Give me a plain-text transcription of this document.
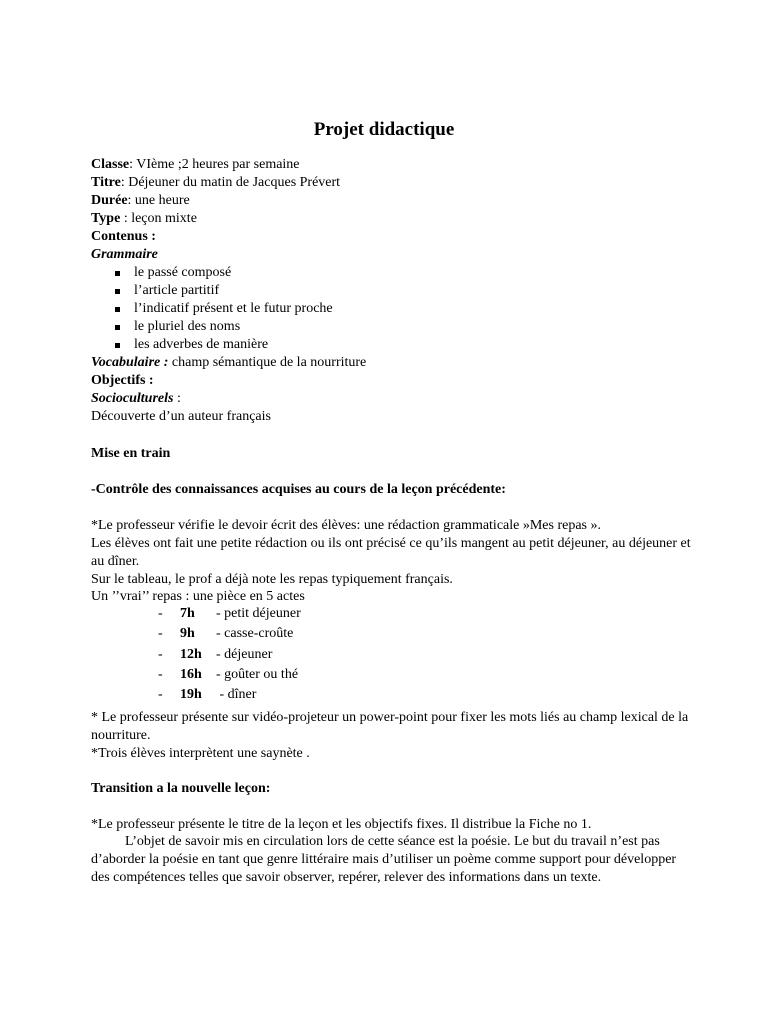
Projet didactique
Classe: VIème ;2 heures par semaine
Titre: Déjeuner du matin de Jacques Prévert
Durée: une heure
Type : leçon mixte
Contenus :
Grammaire
le passé composé
l’article partitif
l’indicatif présent et le futur proche
le pluriel des noms
les adverbes de manière
Vocabulaire : champ sémantique de la nourriture
Objectifs :
Socioculturels :
Découverte d’un auteur français
Mise en train
-Contrôle des connaissances acquises au cours de la leçon précédente:
*Le professeur vérifie le devoir écrit des élèves: une rédaction grammaticale »Mes repas ».
Les élèves ont fait une petite rédaction ou ils ont précisé ce qu’ils mangent au petit déjeuner, au déjeuner et au dîner.
Sur le tableau, le prof a déjà note les repas typiquement français.
Un ’’vrai’’ repas : une pièce en 5 actes
- 7h - petit déjeuner
- 9h - casse-croûte
- 12h - déjeuner
- 16h - goûter ou thé
- 19h - dîner
* Le professeur présente sur vidéo-projeteur un power-point pour fixer les mots liés au champ lexical de la nourriture.
*Trois élèves interprètent une saynète .
Transition a la nouvelle leçon:
*Le professeur présente le titre de la leçon et les objectifs fixes. Il distribue la Fiche no 1.
L’objet de savoir mis en circulation lors de cette séance est la poésie. Le but du travail n’est pas d’aborder la poésie en tant que genre littéraire mais d’utiliser un poème comme support pour développer des compétences telles que savoir observer, repérer, relever des informations dans un texte.
